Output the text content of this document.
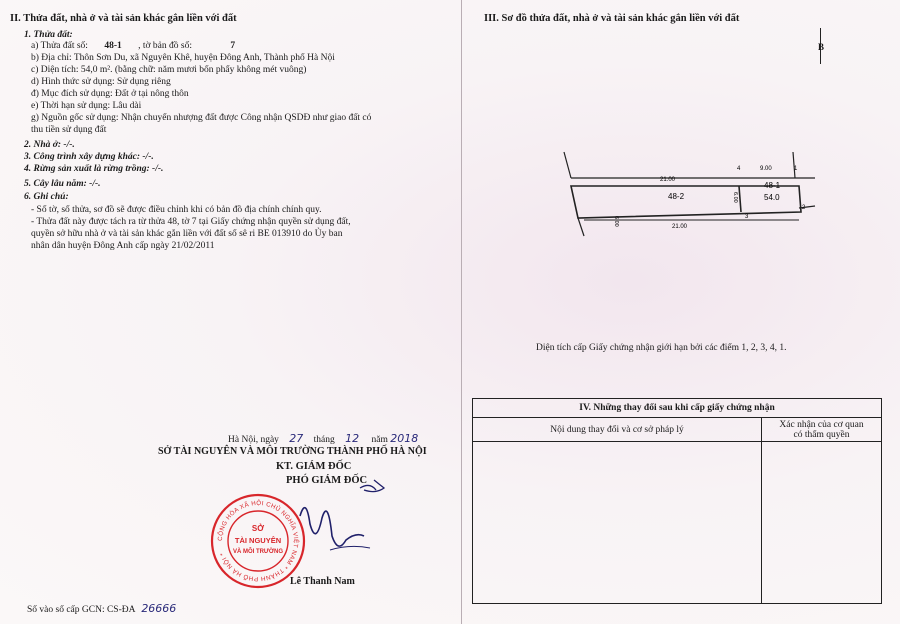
II. Thửa đất, nhà ở và tài sản khác gắn liền với đất
1. Thửa đất:
a) Thửa đất số: 48-1 , tờ bản đồ số:	7
b) Địa chỉ: Thôn Sơn Du, xã Nguyên Khê, huyện Đông Anh, Thành phố Hà Nội
c) Diện tích: 54,0 m². (bằng chữ: năm mươi bốn phẩy không mét vuông)
d) Hình thức sử dụng: Sử dụng riêng
đ) Mục đích sử dụng: Đất ở tại nông thôn
e) Thời hạn sử dụng: Lâu dài
g) Nguồn gốc sử dụng: Nhận chuyển nhượng đất được Công nhận QSDĐ như giao đất có
thu tiền sử dụng đất
2. Nhà ở: -/-.
3. Công trình xây dựng khác: -/-.
4. Rừng sản xuất là rừng trồng: -/-.
5. Cây lâu năm: -/-.
6. Ghi chú:
- Số tờ, số thửa, sơ đồ sẽ được điều chỉnh khi có bản đồ địa chính chính quy.
- Thửa đất này được tách ra từ thửa 48, tờ 7 tại Giấy chứng nhận quyền sử dụng đất,
quyền sở hữu nhà ở và tài sản khác gắn liền với đất số sê ri BE 013910 do Ủy ban
nhân dân huyện Đông Anh cấp ngày 21/02/2011
Hà Nội, ngày 27 tháng 12 năm 2018
SỞ TÀI NGUYÊN VÀ MÔI TRƯỜNG THÀNH PHỐ HÀ NỘI
KT. GIÁM ĐỐC
PHÓ GIÁM ĐỐC
CỘNG HÒA XÃ HỘI CHỦ NGHĨA VIỆT NAM * THÀNH PHỐ HÀ NỘI *
SỞ
TÀI NGUYÊN
VÀ MÔI TRƯỜNG
Lê Thanh Nam
Số vào sổ cấp GCN: CS-ĐA 26666
III. Sơ đồ thửa đất, nhà ở và tài sản khác gắn liền với đất
B
21.00
9.00
21.00
6.00
6.00
48-2
48-1
54.0
1
2
3
4
Diện tích cấp Giấy chứng nhận giới hạn bởi các điểm 1, 2, 3, 4, 1.
IV. Những thay đổi sau khi cấp giấy chứng nhận	
Nội dung thay đổi và cơ sở pháp lý	Xác nhận của cơ quan
có thẩm quyền
